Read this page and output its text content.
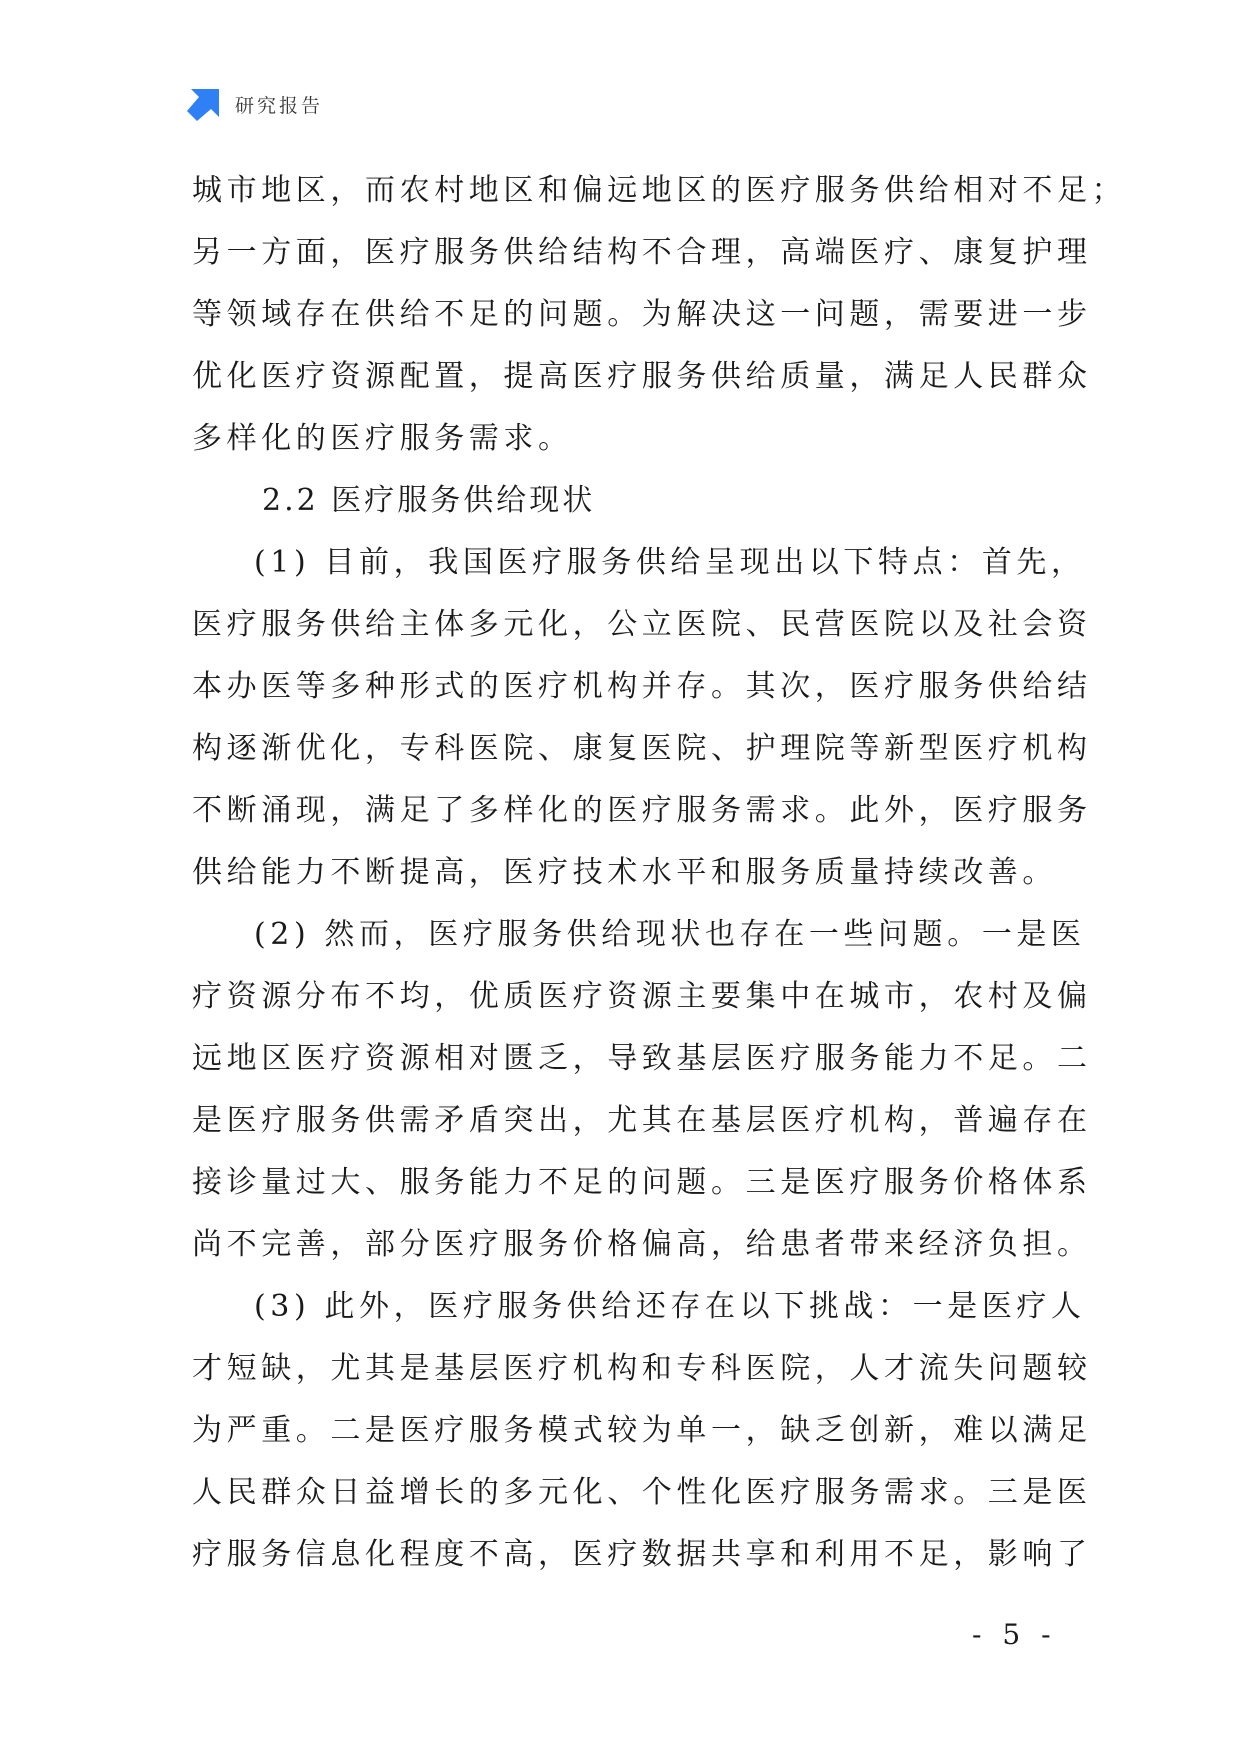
研究报告
城市地区，而农村地区和偏远地区的医疗服务供给相对不足；
另一方面，医疗服务供给结构不合理，高端医疗、康复护理
等领域存在供给不足的问题。为解决这一问题，需要进一步
优化医疗资源配置，提高医疗服务供给质量，满足人民群众
多样化的医疗服务需求。
2.2 医疗服务供给现状
(1) 目前，我国医疗服务供给呈现出以下特点：首先，
医疗服务供给主体多元化，公立医院、民营医院以及社会资
本办医等多种形式的医疗机构并存。其次，医疗服务供给结
构逐渐优化，专科医院、康复医院、护理院等新型医疗机构
不断涌现，满足了多样化的医疗服务需求。此外，医疗服务
供给能力不断提高，医疗技术水平和服务质量持续改善。
(2) 然而，医疗服务供给现状也存在一些问题。一是医
疗资源分布不均，优质医疗资源主要集中在城市，农村及偏
远地区医疗资源相对匮乏，导致基层医疗服务能力不足。二
是医疗服务供需矛盾突出，尤其在基层医疗机构，普遍存在
接诊量过大、服务能力不足的问题。三是医疗服务价格体系
尚不完善，部分医疗服务价格偏高，给患者带来经济负担。
(3) 此外，医疗服务供给还存在以下挑战：一是医疗人
才短缺，尤其是基层医疗机构和专科医院，人才流失问题较
为严重。二是医疗服务模式较为单一，缺乏创新，难以满足
人民群众日益增长的多元化、个性化医疗服务需求。三是医
疗服务信息化程度不高，医疗数据共享和利用不足，影响了
- 5 -
